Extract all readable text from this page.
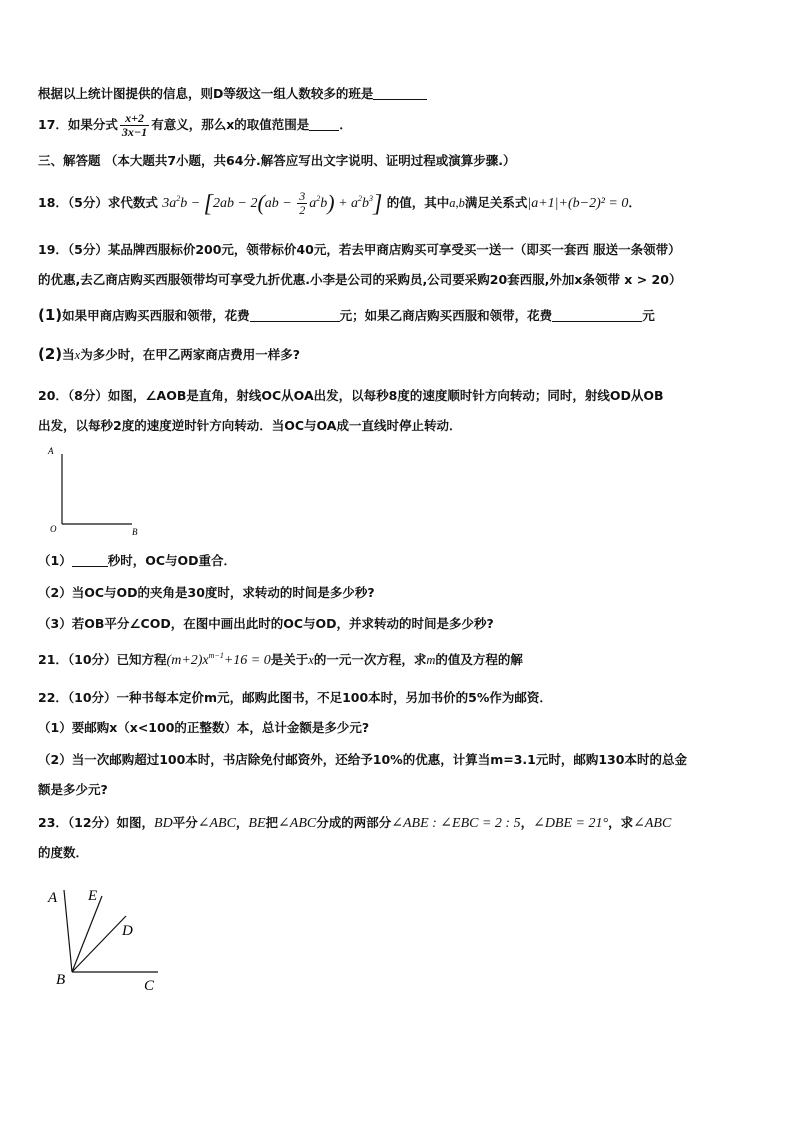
根据以上统计图提供的信息，则D等级这一组人数较多的班是
17．如果分式 $\frac{x+2}{3x-1}$ 有意义，那么x的取值范围是 ．
三、解答题 （本大题共7小题，共64分.解答应写出文字说明、证明过程或演算步骤.）
18．（5分）求代数式 $3a^2b - [2ab - 2(ab - \frac{3}{2} a^2b) + a^2b^3]$ 的值，其中a,b满足关系式|a+1|+(b−2)² = 0．
19．（5分）某品牌西服标价200元，领带标价40元，若去甲商店购买可享受买一送一（即买一套西 服送一条领带）
的优惠,去乙商店购买西服领带均可享受九折优惠.小李是公司的采购员,公司要采购20套西服,外加x条领带 x > 20）
(1)如果甲商店购买西服和领带，花费	元；如果乙商店购买西服和领带，花费	元
(2)当x为多少时，在甲乙两家商店费用一样多?
20．（8分）如图，∠AOB是直角，射线OC从OA出发，以每秒8度的速度顺时针方向转动；同时，射线OD从OB
出发，以每秒2度的速度逆时针方向转动．当OC与OA成一直线时停止转动．
A
O	B
（1）	秒时，OC与OD重合．
（2）当OC与OD的夹角是30度时，求转动的时间是多少秒?
（3）若OB平分∠COD，在图中画出此时的OC与OD，并求转动的时间是多少秒?
21．（10分）已知方程$(m+2)x^{m-1}+16 = 0$是关于x的一元一次方程，求m的值及方程的解
22．（10分）一种书每本定价m元，邮购此图书，不足100本时，另加书价的5%作为邮资．
（1）要邮购x（x<100的正整数）本，总计金额是多少元?
（2）当一次邮购超过100本时，书店除免付邮资外，还给予10%的优惠，计算当m=3.1元时，邮购130本时的总金
额是多少元?
23．（12分）如图，BD平分∠ABC，BE把∠ABC分成的两部分∠ABE : ∠EBC = 2 : 5，∠DBE = 21°，求∠ABC
的度数．
A E
D
B	C
